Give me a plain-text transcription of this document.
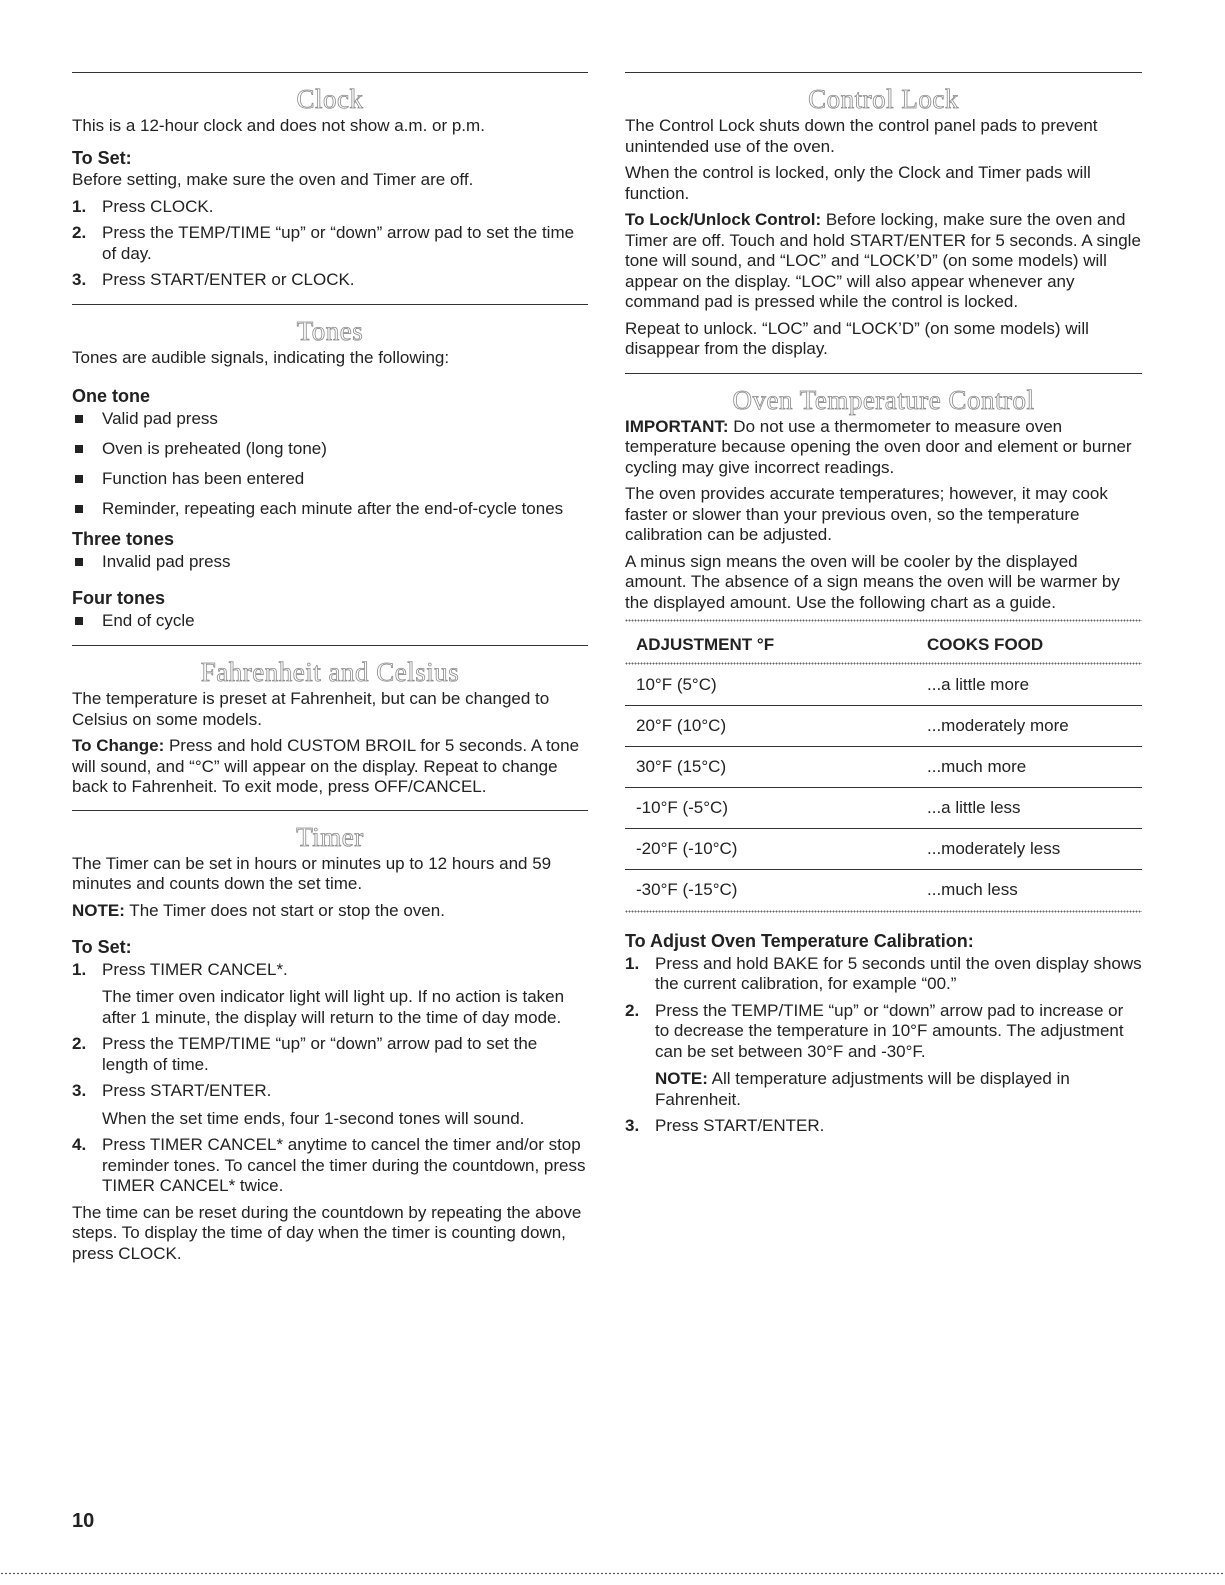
Clock

This is a 12-hour clock and does not show a.m. or p.m.

To Set:

Before setting, make sure the oven and Timer are off.

1. Press CLOCK.
2. Press the TEMP/TIME “up” or “down” arrow pad to set the time of day.
3. Press START/ENTER or CLOCK.
Tones

Tones are audible signals, indicating the following:

One tone
Valid pad press
Oven is preheated (long tone)
Function has been entered
Reminder, repeating each minute after the end-of-cycle tones
Three tones
Invalid pad press
Four tones
End of cycle
Fahrenheit and Celsius

The temperature is preset at Fahrenheit, but can be changed to Celsius on some models.

To Change: Press and hold CUSTOM BROIL for 5 seconds. A tone will sound, and “°C” will appear on the display. Repeat to change back to Fahrenheit. To exit mode, press OFF/CANCEL.

Timer

The Timer can be set in hours or minutes up to 12 hours and 59 minutes and counts down the set time.

NOTE: The Timer does not start or stop the oven.

To Set:
1. Press TIMER CANCEL*.
The timer oven indicator light will light up. If no action is taken after 1 minute, the display will return to the time of day mode.
2. Press the TEMP/TIME “up” or “down” arrow pad to set the length of time.
3. Press START/ENTER.
When the set time ends, four 1-second tones will sound.
4. Press TIMER CANCEL* anytime to cancel the timer and/or stop reminder tones. To cancel the timer during the countdown, press TIMER CANCEL* twice.

The time can be reset during the countdown by repeating the above steps. To display the time of day when the timer is counting down, press CLOCK.

Control Lock

The Control Lock shuts down the control panel pads to prevent unintended use of the oven.

When the control is locked, only the Clock and Timer pads will function.

To Lock/Unlock Control: Before locking, make sure the oven and Timer are off. Touch and hold START/ENTER for 5 seconds. A single tone will sound, and “LOC” and “LOCK’D” (on some models) will appear on the display. “LOC” will also appear whenever any command pad is pressed while the control is locked.

Repeat to unlock. “LOC” and “LOCK’D” (on some models) will disappear from the display.

Oven Temperature Control

IMPORTANT: Do not use a thermometer to measure oven temperature because opening the oven door and element or burner cycling may give incorrect readings.

The oven provides accurate temperatures; however, it may cook faster or slower than your previous oven, so the temperature calibration can be adjusted.

A minus sign means the oven will be cooler by the displayed amount. The absence of a sign means the oven will be warmer by the displayed amount. Use the following chart as a guide.

ADJUSTMENT °F	COOKS FOOD

10°F (5°C)	...a little more
20°F (10°C)	...moderately more
30°F (15°C)	...much more
-10°F (-5°C)	...a little less
-20°F (-10°C)	...moderately less
-30°F (-15°C)	...much less
To Adjust Oven Temperature Calibration:
1. Press and hold BAKE for 5 seconds until the oven display shows the current calibration, for example “00.”
2. Press the TEMP/TIME “up” or “down” arrow pad to increase or to decrease the temperature in 10°F amounts. The adjustment can be set between 30°F and -30°F.
NOTE: All temperature adjustments will be displayed in Fahrenheit.
3. Press START/ENTER.
10
